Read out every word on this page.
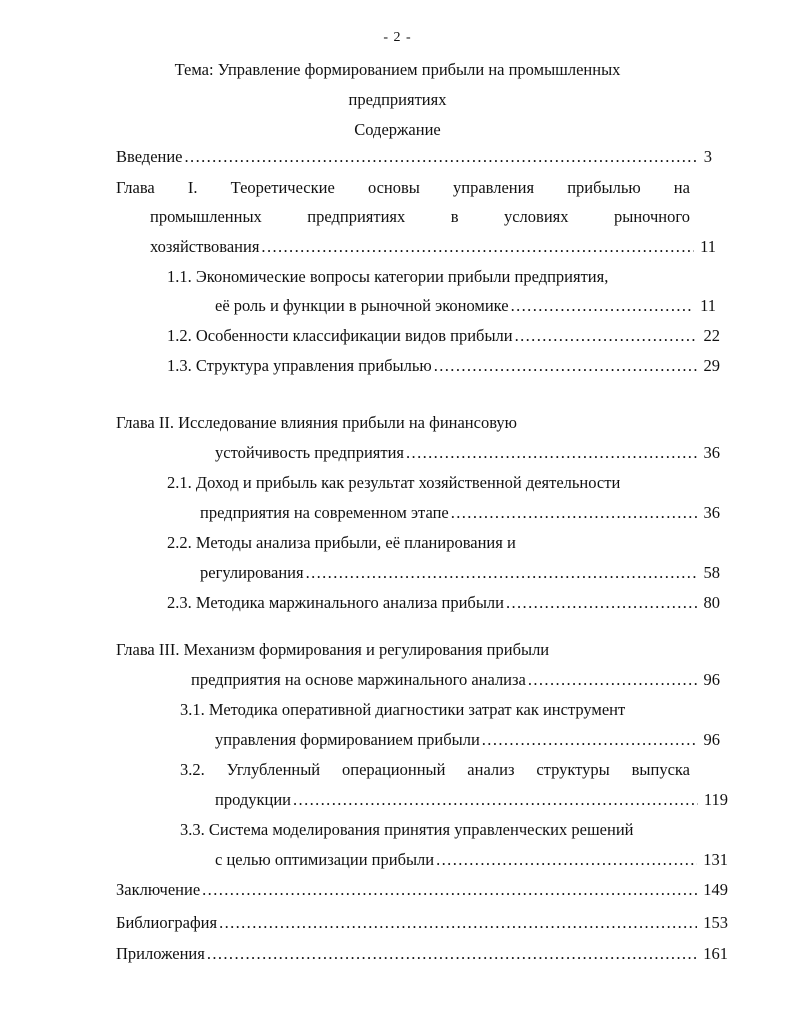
- 2 -
Тема: Управление формированием прибыли на промышленных
предприятиях
Содержание
Введение .....	3
Глава I. Теоретические основы управления прибылью на
промышленных	предприятиях	в	условиях	рыночного
хозяйствования .....	11
1.1. Экономические вопросы категории прибыли предприятия,
её роль и функции в рыночной экономике .....	11
1.2. Особенности классификации видов прибыли .....	22
1.3. Структура управления прибылью .....	29
Глава II. Исследование влияния прибыли на финансовую
устойчивость предприятия .....	36
2.1. Доход и прибыль как результат хозяйственной деятельности
предприятия на современном этапе .....	36
2.2. Методы анализа прибыли, её планирования и
регулирования .....	58
2.3. Методика маржинального анализа прибыли .....	80
Глава III. Механизм формирования и регулирования прибыли
предприятия на основе маржинального анализа .....	96
3.1. Методика оперативной диагностики затрат как инструмент
управления формированием прибыли .....	96
3.2. Углубленный операционный анализ структуры выпуска
продукции .....	119
3.3. Система моделирования принятия управленческих решений
с целью оптимизации прибыли .....	131
Заключение .....	149
Библиография .....	153
Приложения .....	161
